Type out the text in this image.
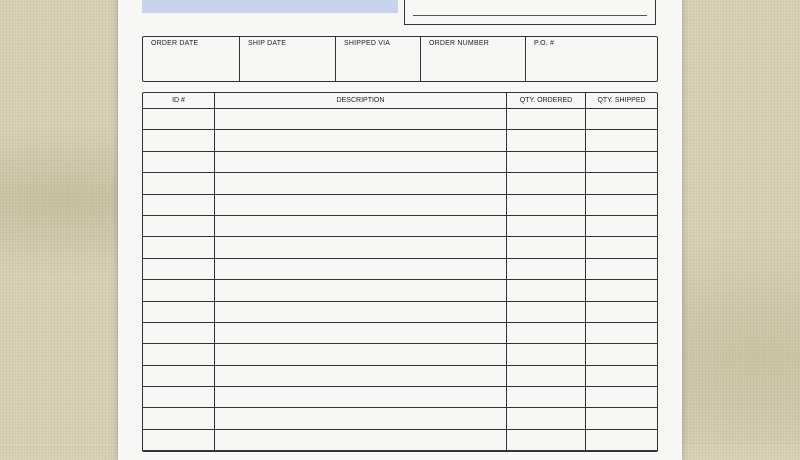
ORDER DATE	SHIP DATE	SHIPPED VIA	ORDER NUMBER	P.O. #
ID #	DESCRIPTION	QTY. ORDERED	QTY. SHIPPED
